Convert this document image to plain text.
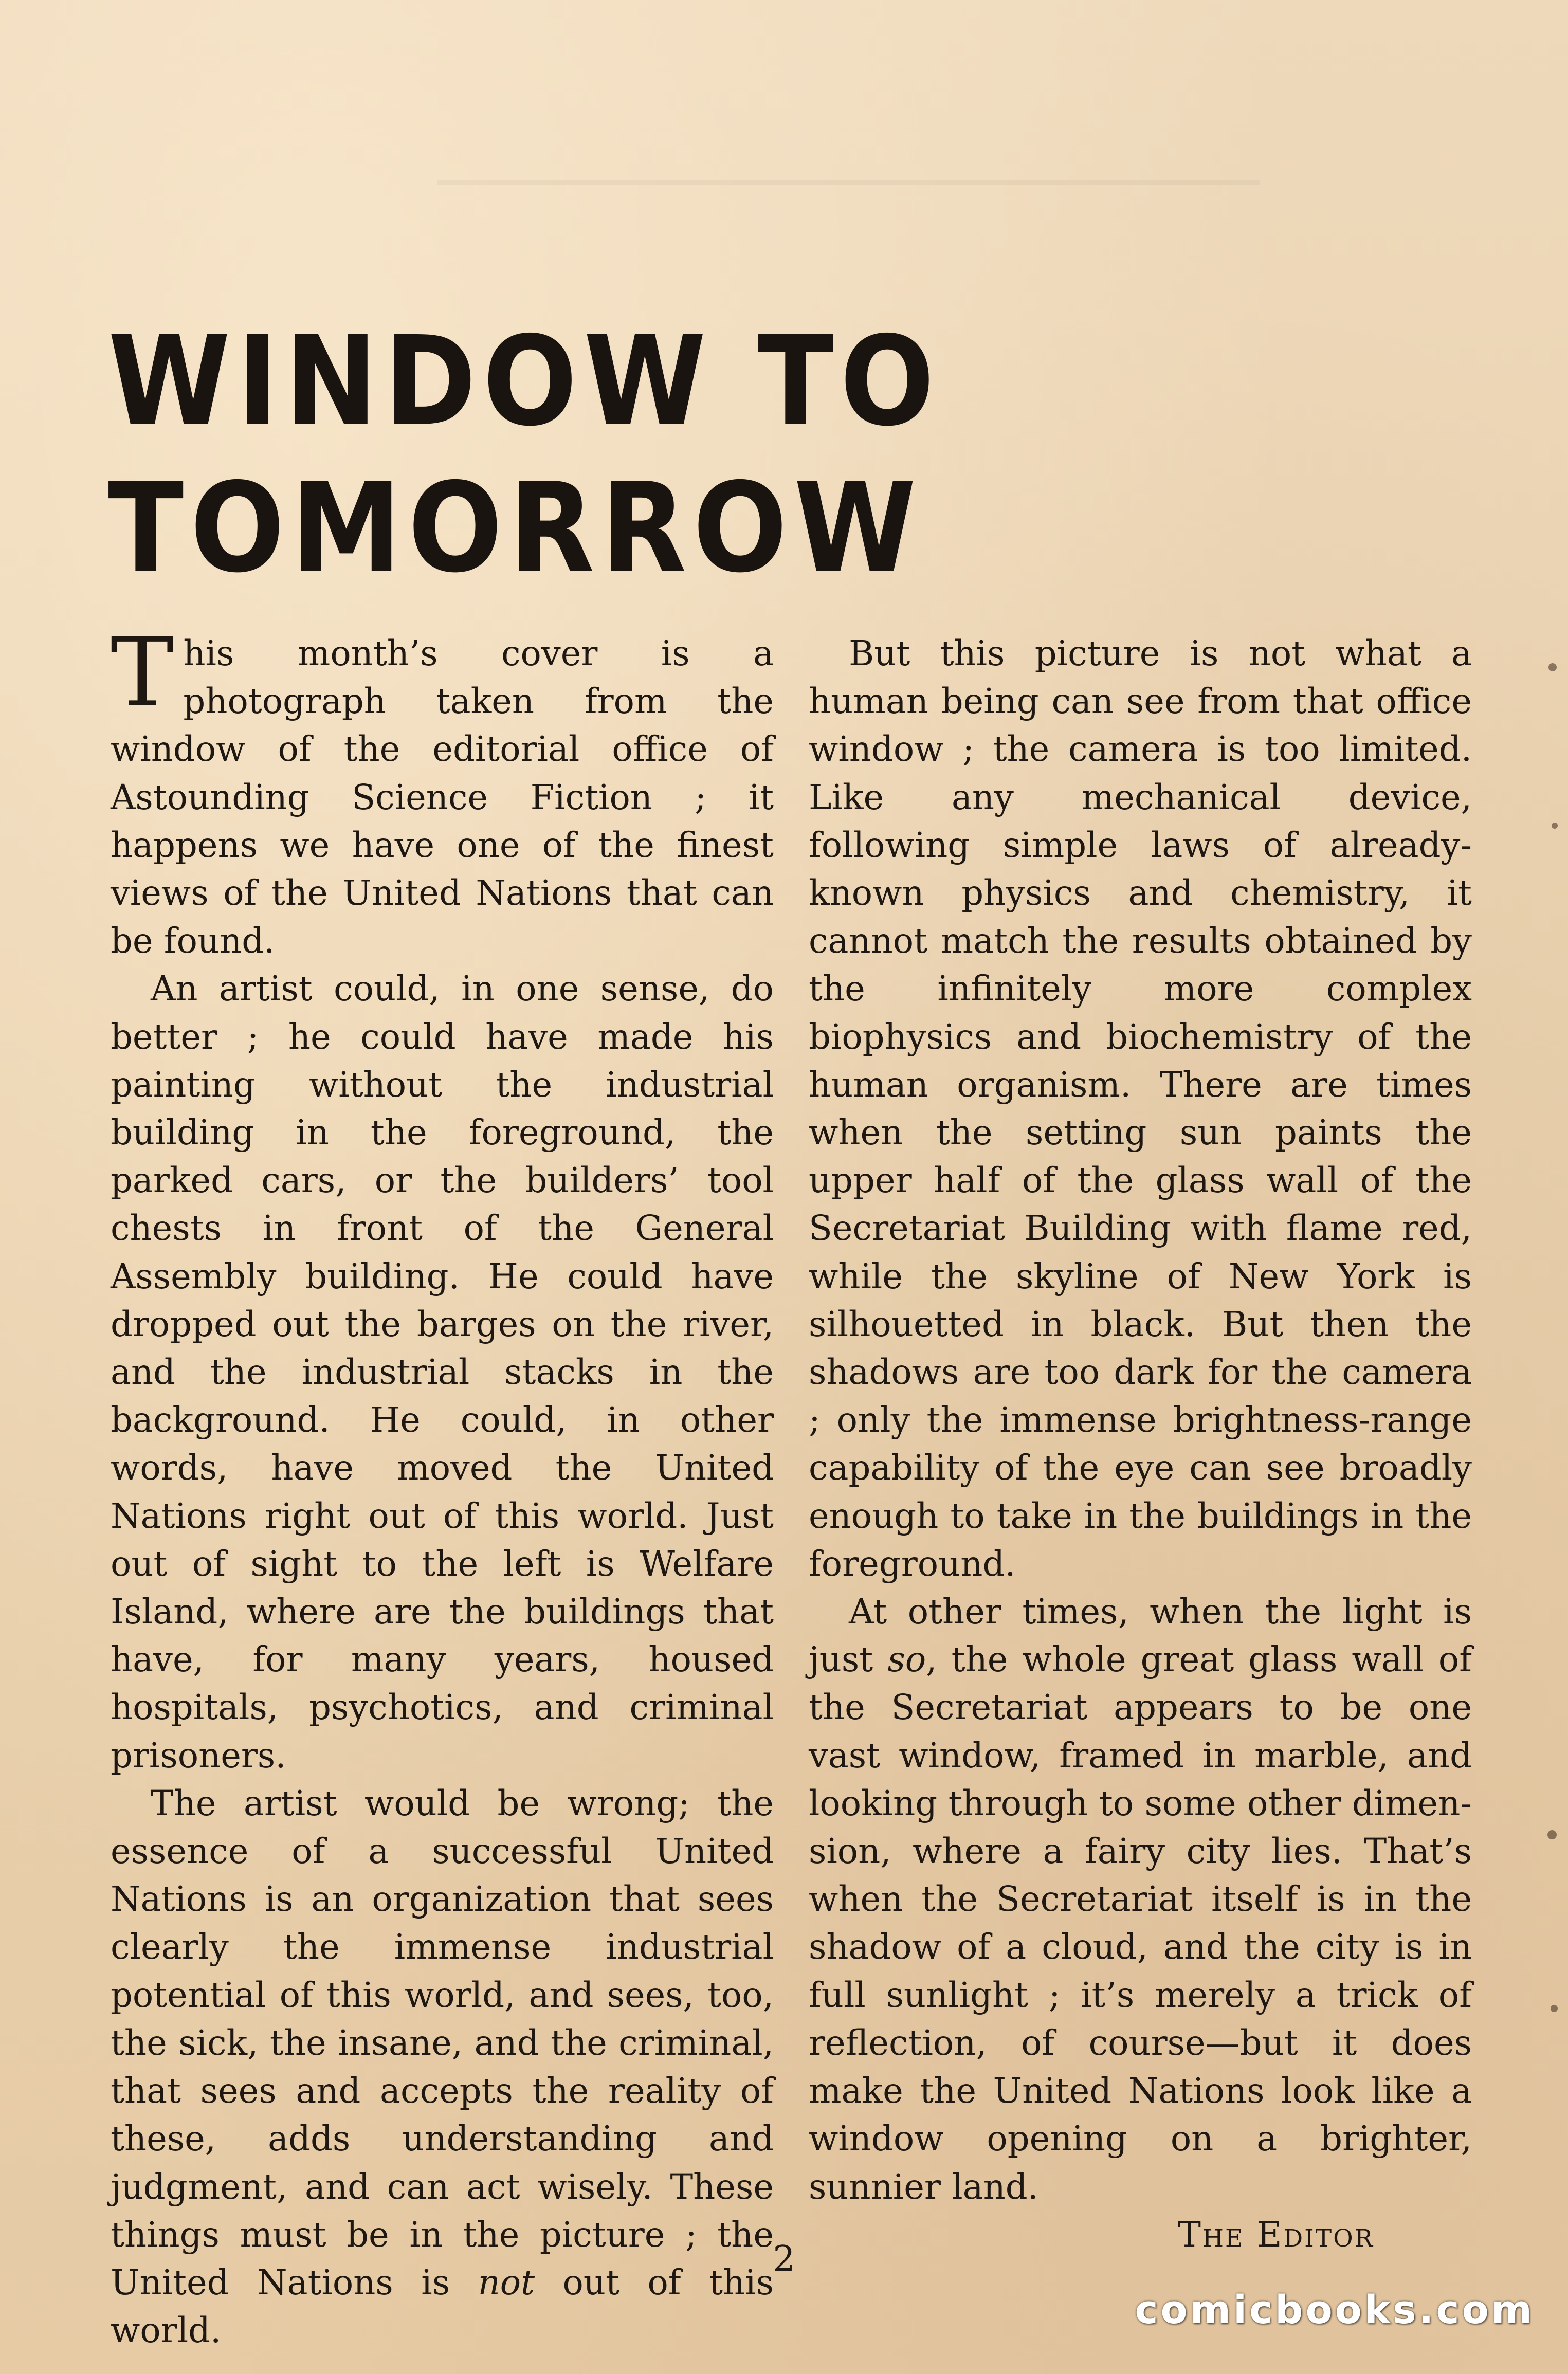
WINDOW TO
TOMORROW

This month’s cover is a photograph taken from the window of the editorial office of Astounding Science Fiction ; it happens we have one of the finest views of the United Nations that can be found.

An artist could, in one sense, do better ; he could have made his painting without the industrial building in the foreground, the parked cars, or the builders’ tool chests in front of the General Assembly building. He could have dropped out the barges on the river, and the industrial stacks in the background. He could, in other words, have moved the United Nations right out of this world. Just out of sight to the left is Welfare Island, where are the buildings that have, for many years, housed hospitals, psychotics, and criminal prisoners.

The artist would be wrong; the essence of a successful United Nations is an organization that sees clearly the immense industrial potential of this world, and sees, too, the sick, the insane, and the criminal, that sees and accepts the reality of these, adds understanding and judgment, and can act wisely. These things must be in the picture ; the United Nations is not out of this world.

But this picture is not what a human being can see from that office window ; the camera is too limited. Like any mechanical device, following simple laws of already-known physics and chemistry, it cannot match the results obtained by the infinitely more complex biophysics and biochemistry of the human organism. There are times when the setting sun paints the upper half of the glass wall of the Secretariat Building with flame red, while the skyline of New York is silhouetted in black. But then the shadows are too dark for the camera ; only the immense brightness-range capability of the eye can see broadly enough to take in the buildings in the foreground.

At other times, when the light is just so, the whole great glass wall of the Secretariat appears to be one vast window, framed in marble, and looking through to some other dimension, where a fairy city lies. That’s when the Secretariat itself is in the shadow of a cloud, and the city is in full sunlight ; it’s merely a trick of reflection, of course—but it does make the United Nations look like a window opening on a brighter, sunnier land.

The Editor

2
comicbooks.com
